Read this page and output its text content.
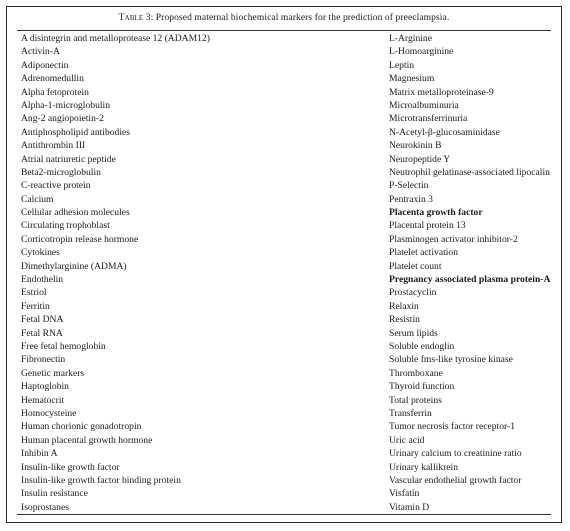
Table 3: Proposed maternal biochemical markers for the prediction of preeclampsia.
A disintegrin and metalloprotease 12 (ADAM12)
Activin-A
Adiponectin
Adrenomedullin
Alpha fetoprotein
Alpha-1-microglobulin
Ang-2 angiopoietin-2
Antiphospholipid antibodies
Antithrombin III
Atrial natriuretic peptide
Beta2-microglobulin
C-reactive protein
Calcium
Cellular adhesion molecules
Circulating trophoblast
Corticotropin release hormone
Cytokines
Dimethylarginine (ADMA)
Endothelin
Estriol
Ferritin
Fetal DNA
Fetal RNA
Free fetal hemoglobin
Fibronectin
Genetic markers
Haptoglobin
Hematocrit
Homocysteine
Human chorionic gonadotropin
Human placental growth hormone
Inhibin A
Insulin-like growth factor
Insulin-like growth factor binding protein
Insulin resistance
Isoprostanes
L-Arginine
L-Homoarginine
Leptin
Magnesium
Matrix metalloproteinase-9
Microalbuminuria
Microtransferrinuria
N-Acetyl-β-glucosaminidase
Neurokinin B
Neuropeptide Y
Neutrophil gelatinase-associated lipocalin
P-Selectin
Pentraxin 3
Placenta growth factor
Placental protein 13
Plasminogen activator inhibitor-2
Platelet activation
Platelet count
Pregnancy associated plasma protein-A
Prostacyclin
Relaxin
Resistin
Serum lipids
Soluble endoglin
Soluble fms-like tyrosine kinase
Thromboxane
Thyroid function
Total proteins
Transferrin
Tumor necrosis factor receptor-1
Uric acid
Urinary calcium to creatinine ratio
Urinary kallikrein
Vascular endothelial growth factor
Visfatin
Vitamin D
